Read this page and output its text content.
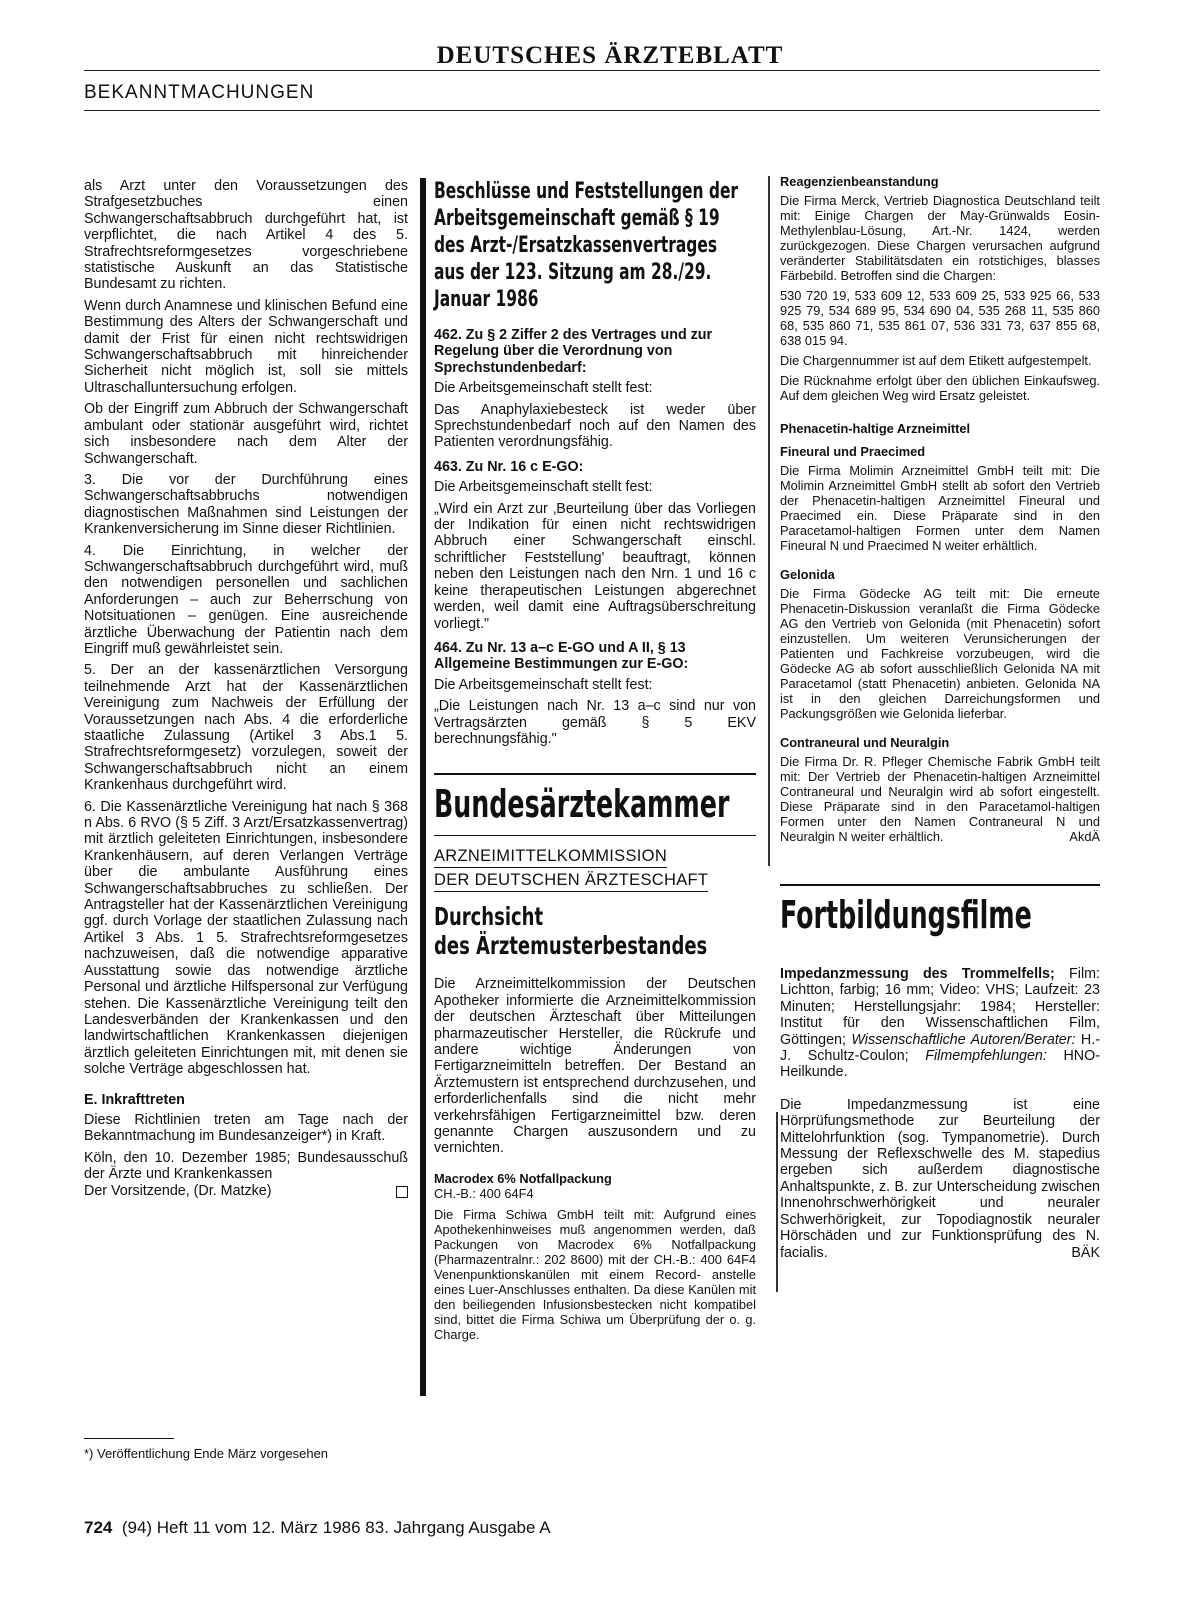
DEUTSCHES ÄRZTEBLATT
BEKANNTMACHUNGEN

als Arzt unter den Voraussetzungen des Strafgesetzbuches einen Schwangerschaftsabbruch durchgeführt hat, ist verpflichtet, die nach Artikel 4 des 5. Strafrechtsreformgesetzes vorgeschriebene statistische Auskunft an das Statistische Bundesamt zu richten.

Wenn durch Anamnese und klinischen Befund eine Bestimmung des Alters der Schwangerschaft und damit der Frist für einen nicht rechtswidrigen Schwangerschaftsabbruch mit hinreichender Sicherheit nicht möglich ist, soll sie mittels Ultraschalluntersuchung erfolgen.

Ob der Eingriff zum Abbruch der Schwangerschaft ambulant oder stationär ausgeführt wird, richtet sich insbesondere nach dem Alter der Schwangerschaft.

3. Die vor der Durchführung eines Schwangerschaftsabbruchs notwendigen diagnostischen Maßnahmen sind Leistungen der Krankenversicherung im Sinne dieser Richtlinien.

4. Die Einrichtung, in welcher der Schwangerschaftsabbruch durchgeführt wird, muß den notwendigen personellen und sachlichen Anforderungen – auch zur Beherrschung von Notsituationen – genügen. Eine ausreichende ärztliche Überwachung der Patientin nach dem Eingriff muß gewährleistet sein.

5. Der an der kassenärztlichen Versorgung teilnehmende Arzt hat der Kassenärztlichen Vereinigung zum Nachweis der Erfüllung der Voraussetzungen nach Abs. 4 die erforderliche staatliche Zulassung (Artikel 3 Abs.1 5. Strafrechtsreformgesetz) vorzulegen, soweit der Schwangerschaftsabbruch nicht an einem Krankenhaus durchgeführt wird.

6. Die Kassenärztliche Vereinigung hat nach § 368 n Abs. 6 RVO (§ 5 Ziff. 3 Arzt/Ersatzkassenvertrag) mit ärztlich geleiteten Einrichtungen, insbesondere Krankenhäusern, auf deren Verlangen Verträge über die ambulante Ausführung eines Schwangerschaftsabbruches zu schließen. Der Antragsteller hat der Kassenärztlichen Vereinigung ggf. durch Vorlage der staatlichen Zulassung nach Artikel 3 Abs. 1 5. Strafrechtsreformgesetzes nachzuweisen, daß die notwendige apparative Ausstattung sowie das notwendige ärztliche Personal und ärztliche Hilfspersonal zur Verfügung stehen. Die Kassenärztliche Vereinigung teilt den Landesverbänden der Krankenkassen und den landwirtschaftlichen Krankenkassen diejenigen ärztlich geleiteten Einrichtungen mit, mit denen sie solche Verträge abgeschlossen hat.

E. Inkrafttreten

Diese Richtlinien treten am Tage nach der Bekanntmachung im Bundesanzeiger*) in Kraft.

Köln, den 10. Dezember 1985; Bundesausschuß der Ärzte und Krankenkassen

Der Vorsitzende, (Dr. Matzke)

*) Veröffentlichung Ende März vorgesehen
Beschlüsse und Feststellungen der Arbeitsgemeinschaft gemäß § 19 des Arzt-/Ersatzkassenvertrages aus der 123. Sitzung am 28./29. Januar 1986
462. Zu § 2 Ziffer 2 des Vertrages und zur Regelung über die Verordnung von Sprechstundenbedarf:

Die Arbeitsgemeinschaft stellt fest:

Das Anaphylaxiebesteck ist weder über Sprechstundenbedarf noch auf den Namen des Patienten verordnungsfähig.

463. Zu Nr. 16 c E-GO:

Die Arbeitsgemeinschaft stellt fest:

„Wird ein Arzt zur ‚Beurteilung über das Vorliegen der Indikation für einen nicht rechtswidrigen Abbruch einer Schwangerschaft einschl. schriftlicher Feststellung' beauftragt, können neben den Leistungen nach den Nrn. 1 und 16 c keine therapeutischen Leistungen abgerechnet werden, weil damit eine Auftragsüberschreitung vorliegt."

464. Zu Nr. 13 a–c E-GO und A II, § 13 Allgemeine Bestimmungen zur E-GO:

Die Arbeitsgemeinschaft stellt fest:

„Die Leistungen nach Nr. 13 a–c sind nur von Vertragsärzten gemäß § 5 EKV berechnungsfähig."

Bundesärztekammer
ARZNEIMITTELKOMMISSION
DER DEUTSCHEN ÄRZTESCHAFT
Durchsicht
des Ärztemusterbestandes

Die Arzneimittelkommission der Deutschen Apotheker informierte die Arzneimittelkommission der deutschen Ärzteschaft über Mitteilungen pharmazeutischer Hersteller, die Rückrufe und andere wichtige Änderungen von Fertigarzneimitteln betreffen. Der Bestand an Ärztemustern ist entsprechend durchzusehen, und erforderlichenfalls sind die nicht mehr verkehrsfähigen Fertigarzneimittel bzw. deren genannte Chargen auszusondern und zu vernichten.

Macrodex 6% Notfallpackung

CH.-B.: 400 64F4

Die Firma Schiwa GmbH teilt mit: Aufgrund eines Apothekenhinweises muß angenommen werden, daß Packungen von Macrodex 6% Notfallpackung (Pharmazentralnr.: 202 8600) mit der CH.-B.: 400 64F4 Venenpunktionskanülen mit einem Record- anstelle eines Luer-Anschlusses enthalten. Da diese Kanülen mit den beiliegenden Infusionsbestecken nicht kompatibel sind, bittet die Firma Schiwa um Überprüfung der o. g. Charge.

Reagenzienbeanstandung

Die Firma Merck, Vertrieb Diagnostica Deutschland teilt mit: Einige Chargen der May-Grünwalds Eosin-Methylenblau-Lösung, Art.-Nr. 1424, werden zurückgezogen. Diese Chargen verursachen aufgrund veränderter Stabilitätsdaten ein rotstichiges, blasses Färbebild. Betroffen sind die Chargen:

530 720 19, 533 609 12, 533 609 25, 533 925 66, 533 925 79, 534 689 95, 534 690 04, 535 268 11, 535 860 68, 535 860 71, 535 861 07, 536 331 73, 637 855 68, 638 015 94.

Die Chargennummer ist auf dem Etikett aufgestempelt.

Die Rücknahme erfolgt über den üblichen Einkaufsweg. Auf dem gleichen Weg wird Ersatz geleistet.

Phenacetin-haltige Arzneimittel
Fineural und Praecimed

Die Firma Molimin Arzneimittel GmbH teilt mit: Die Molimin Arzneimittel GmbH stellt ab sofort den Vertrieb der Phenacetin-haltigen Arzneimittel Fineural und Praecimed ein. Diese Präparate sind in den Paracetamol-haltigen Formen unter dem Namen Fineural N und Praecimed N weiter erhältlich.

Gelonida

Die Firma Gödecke AG teilt mit: Die erneute Phenacetin-Diskussion veranlaßt die Firma Gödecke AG den Vertrieb von Gelonida (mit Phenacetin) sofort einzustellen. Um weiteren Verunsicherungen der Patienten und Fachkreise vorzubeugen, wird die Gödecke AG ab sofort ausschließlich Gelonida NA mit Paracetamol (statt Phenacetin) anbieten. Gelonida NA ist in den gleichen Darreichungsformen und Packungsgrößen wie Gelonida lieferbar.

Contraneural und Neuralgin

Die Firma Dr. R. Pfleger Chemische Fabrik GmbH teilt mit: Der Vertrieb der Phenacetin-haltigen Arzneimittel Contraneural und Neuralgin wird ab sofort eingestellt. Diese Präparate sind in den Paracetamol-haltigen Formen unter den Namen Contraneural N und Neuralgin N weiter erhältlich.	AkdÄ

Fortbildungsfilme

Impedanzmessung des Trommelfells; Film: Lichtton, farbig; 16 mm; Video: VHS; Laufzeit: 23 Minuten; Herstellungsjahr: 1984; Hersteller: Institut für den Wissenschaftlichen Film, Göttingen; Wissenschaftliche Autoren/Berater: H.-J. Schultz-Coulon; Filmempfehlungen: HNO-Heilkunde.

Die Impedanzmessung ist eine Hörprüfungsmethode zur Beurteilung der Mittelohrfunktion (sog. Tympanometrie). Durch Messung der Reflexschwelle des M. stapedius ergeben sich außerdem diagnostische Anhaltspunkte, z. B. zur Unterscheidung zwischen Innenohrschwerhörigkeit und neuraler Schwerhörigkeit, zur Topodiagnostik neuraler Hörschäden und zur Funktionsprüfung des N. facialis.	BÄK

724 (94) Heft 11 vom 12. März 1986 83. Jahrgang Ausgabe A
